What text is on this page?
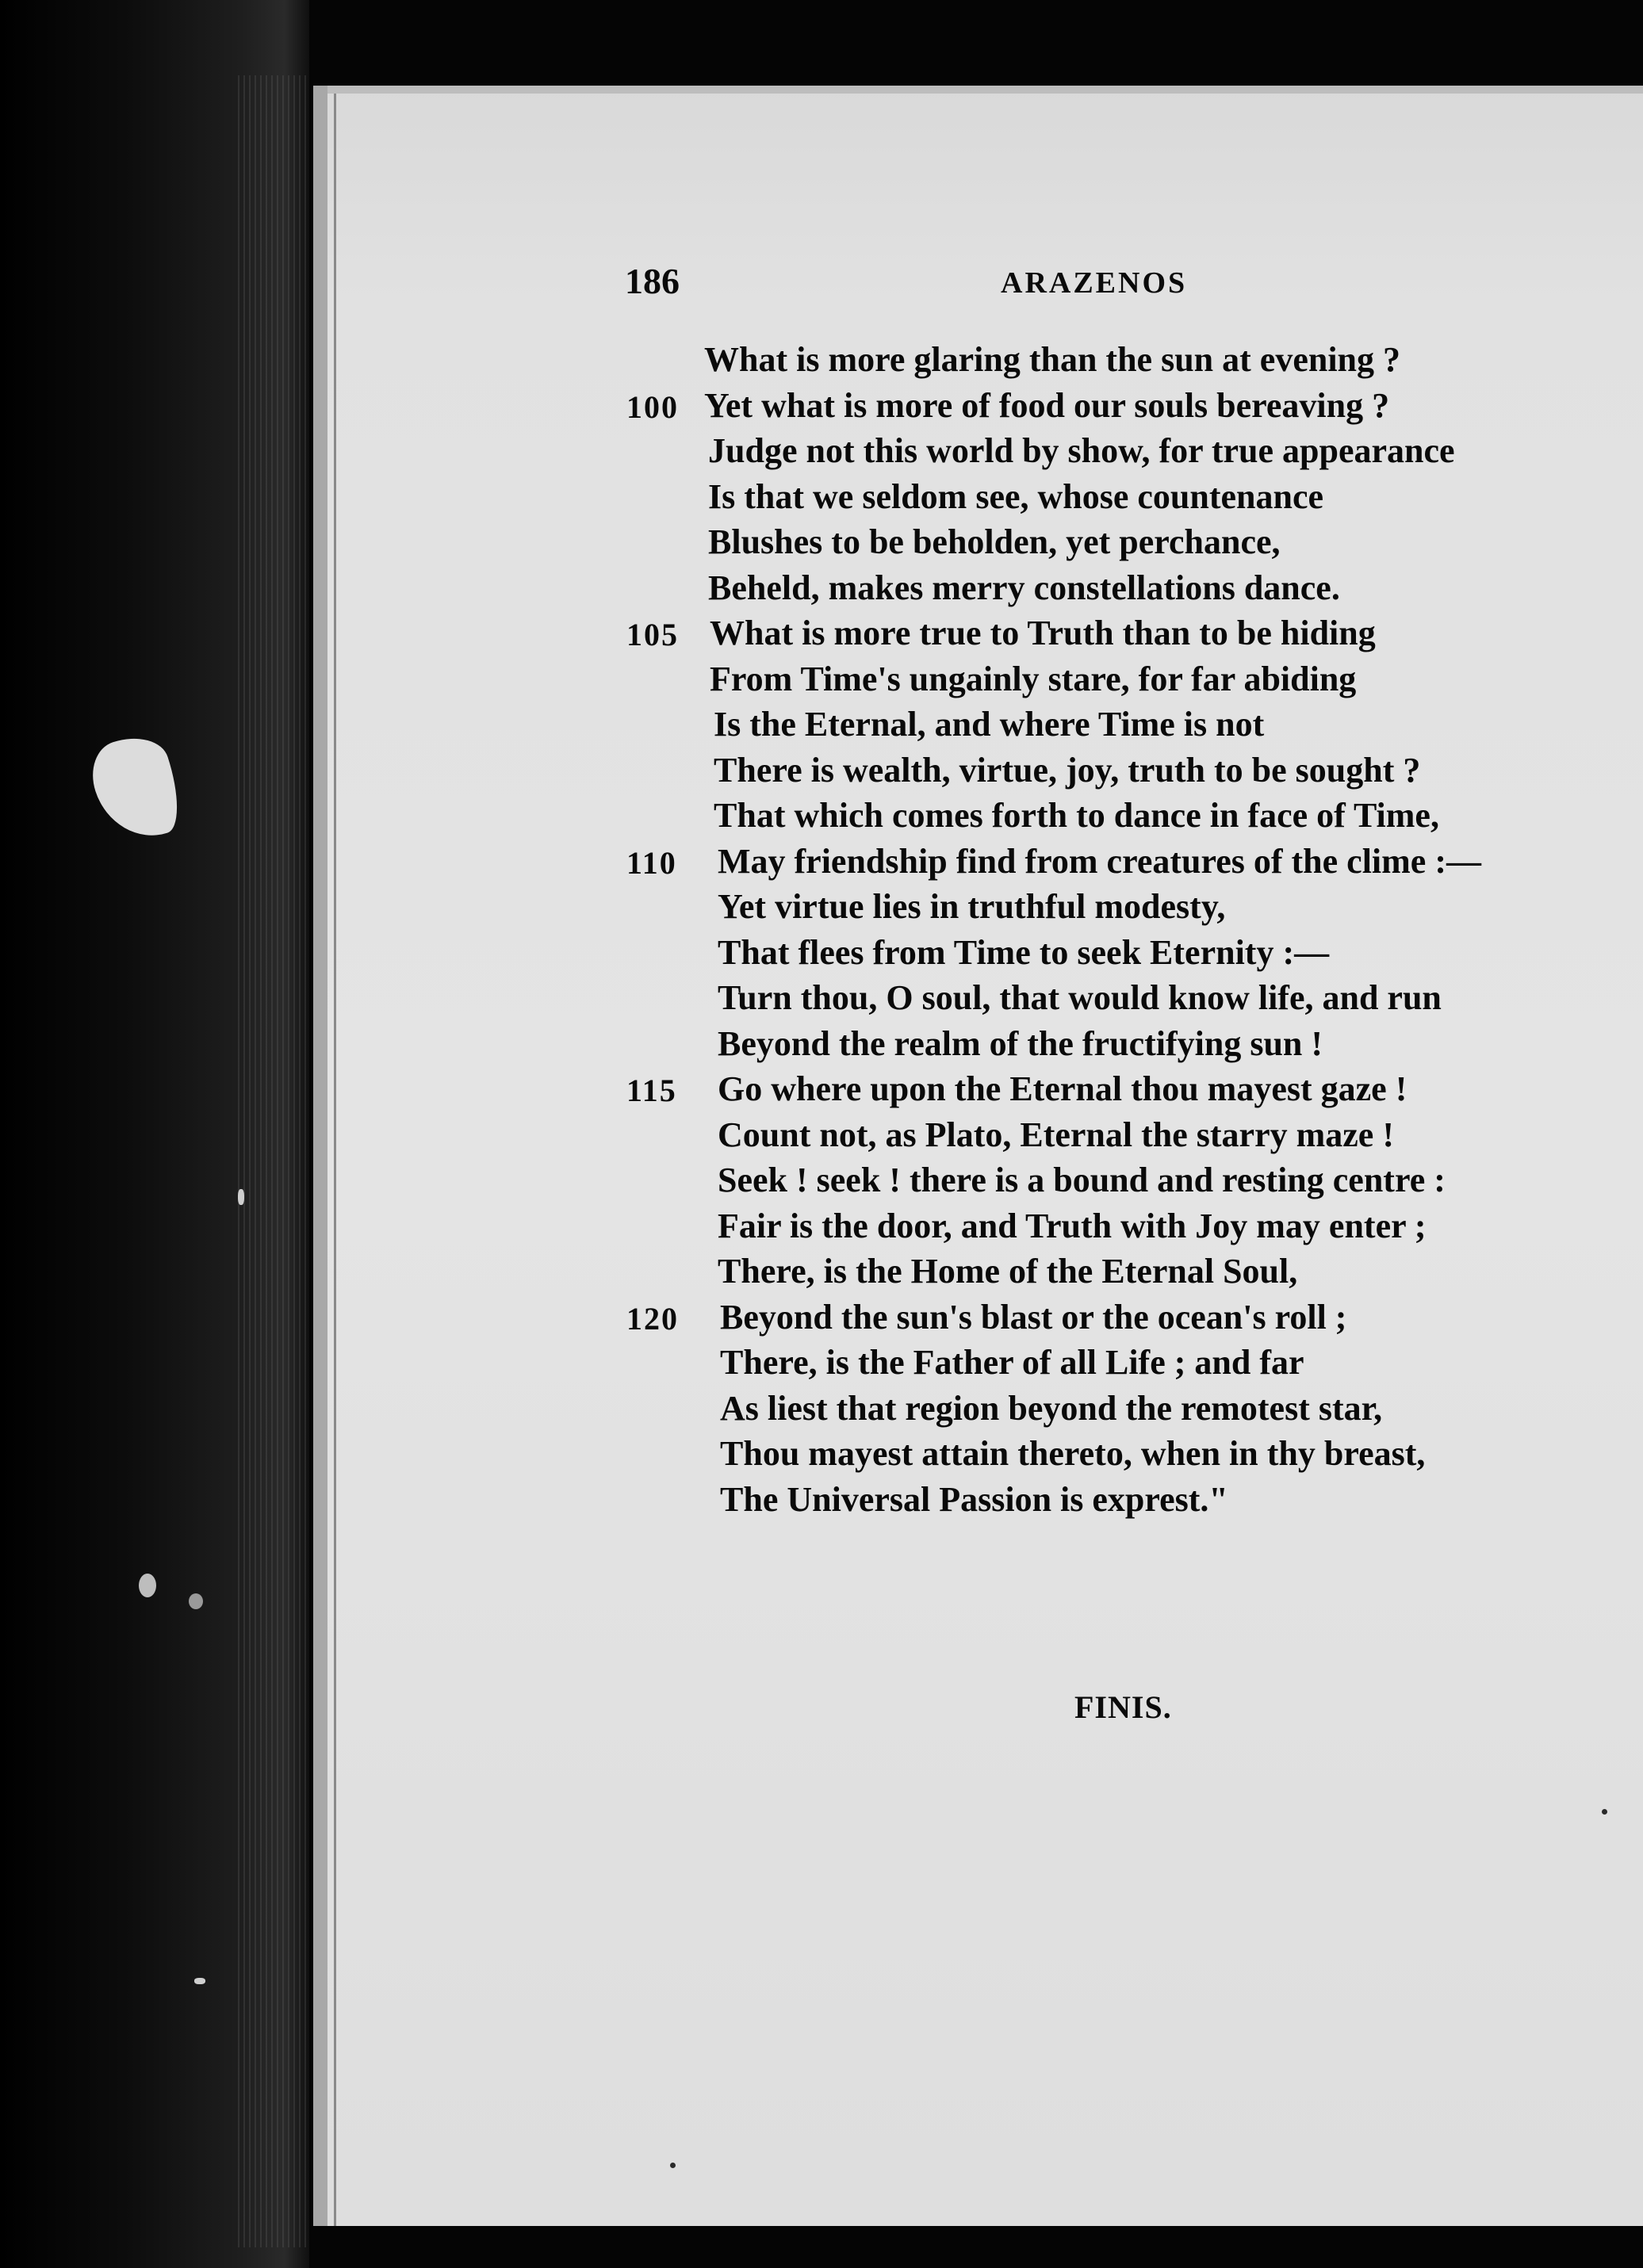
186	ARAZENOS
What is more glaring than the sun at evening ?
Yet what is more of food our souls bereaving ?
100
Judge not this world by show, for true appearance
Is that we seldom see, whose countenance
Blushes to be beholden, yet perchance,
Beheld, makes merry constellations dance.
What is more true to Truth than to be hiding
105
From Time's ungainly stare, for far abiding
Is the Eternal, and where Time is not
There is wealth, virtue, joy, truth to be sought ?
That which comes forth to dance in face of Time,
May friendship find from creatures of the clime :—
110
Yet virtue lies in truthful modesty,
That flees from Time to seek Eternity :—
Turn thou, O soul, that would know life, and run
Beyond the realm of the fructifying sun !
Go where upon the Eternal thou mayest gaze !
115
Count not, as Plato, Eternal the starry maze !
Seek ! seek ! there is a bound and resting centre :
Fair is the door, and Truth with Joy may enter ;
There, is the Home of the Eternal Soul,
Beyond the sun's blast or the ocean's roll ;
120
There, is the Father of all Life ; and far
As liest that region beyond the remotest star,
Thou mayest attain thereto, when in thy breast,
The Universal Passion is exprest."
FINIS.
